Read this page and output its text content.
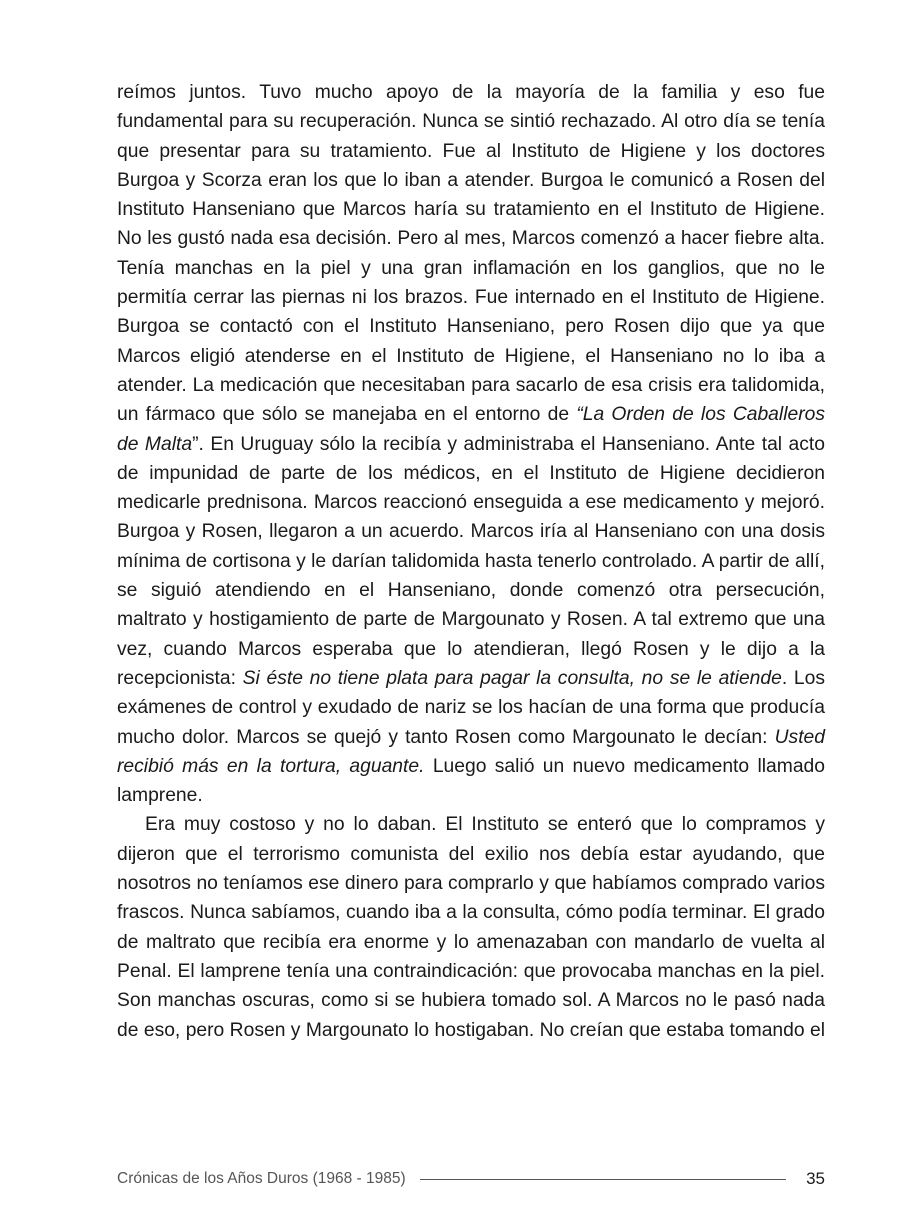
reímos juntos. Tuvo mucho apoyo de la mayoría de la familia y eso fue fundamental para su recuperación. Nunca se sintió rechazado. Al otro día se tenía que presentar para su tratamiento. Fue al Instituto de Higiene y los doctores Burgoa y Scorza eran los que lo iban a atender. Burgoa le comunicó a Rosen del Instituto Hanseniano que Marcos haría su tratamiento en el Instituto de Higiene. No les gustó nada esa decisión. Pero al mes, Marcos comenzó a hacer fiebre alta. Tenía manchas en la piel y una gran inflamación en los ganglios, que no le permitía cerrar las piernas ni los brazos. Fue internado en el Instituto de Higiene. Burgoa se contactó con el Instituto Hanseniano, pero Rosen dijo que ya que Marcos eligió atenderse en el Instituto de Higiene, el Hanseniano no lo iba a atender. La medicación que necesitaban para sacarlo de esa crisis era talidomida, un fármaco que sólo se manejaba en el entorno de “La Orden de los Caballeros de Malta”. En Uruguay sólo la recibía y administraba el Hanseniano. Ante tal acto de impunidad de parte de los médicos, en el Instituto de Higiene decidieron medicarle prednisona. Marcos reaccionó enseguida a ese medicamento y mejoró. Burgoa y Rosen, llegaron a un acuerdo. Marcos iría al Hanseniano con una dosis mínima de cortisona y le darían talidomida hasta tenerlo controlado. A partir de allí, se siguió atendiendo en el Hanseniano, donde comenzó otra persecución, maltrato y hostigamiento de parte de Margounato y Rosen. A tal extremo que una vez, cuando Marcos esperaba que lo atendieran, llegó Rosen y le dijo a la recepcionista: Si éste no tiene plata para pagar la consulta, no se le atiende. Los exámenes de control y exudado de nariz se los hacían de una forma que producía mucho dolor. Marcos se quejó y tanto Rosen como Margounato le decían: Usted recibió más en la tortura, aguante. Luego salió un nuevo medicamento llamado lamprene.

Era muy costoso y no lo daban. El Instituto se enteró que lo compramos y dijeron que el terrorismo comunista del exilio nos debía estar ayudando, que nosotros no teníamos ese dinero para comprarlo y que habíamos comprado varios frascos. Nunca sabíamos, cuando iba a la consulta, cómo podía terminar. El grado de maltrato que recibía era enorme y lo amenazaban con mandarlo de vuelta al Penal. El lamprene tenía una contraindicación: que provocaba manchas en la piel. Son manchas oscuras, como si se hubiera tomado sol. A Marcos no le pasó nada de eso, pero Rosen y Margounato lo hostigaban. No creían que estaba tomando el

Crónicas de los Años Duros (1968 - 1985)	35
